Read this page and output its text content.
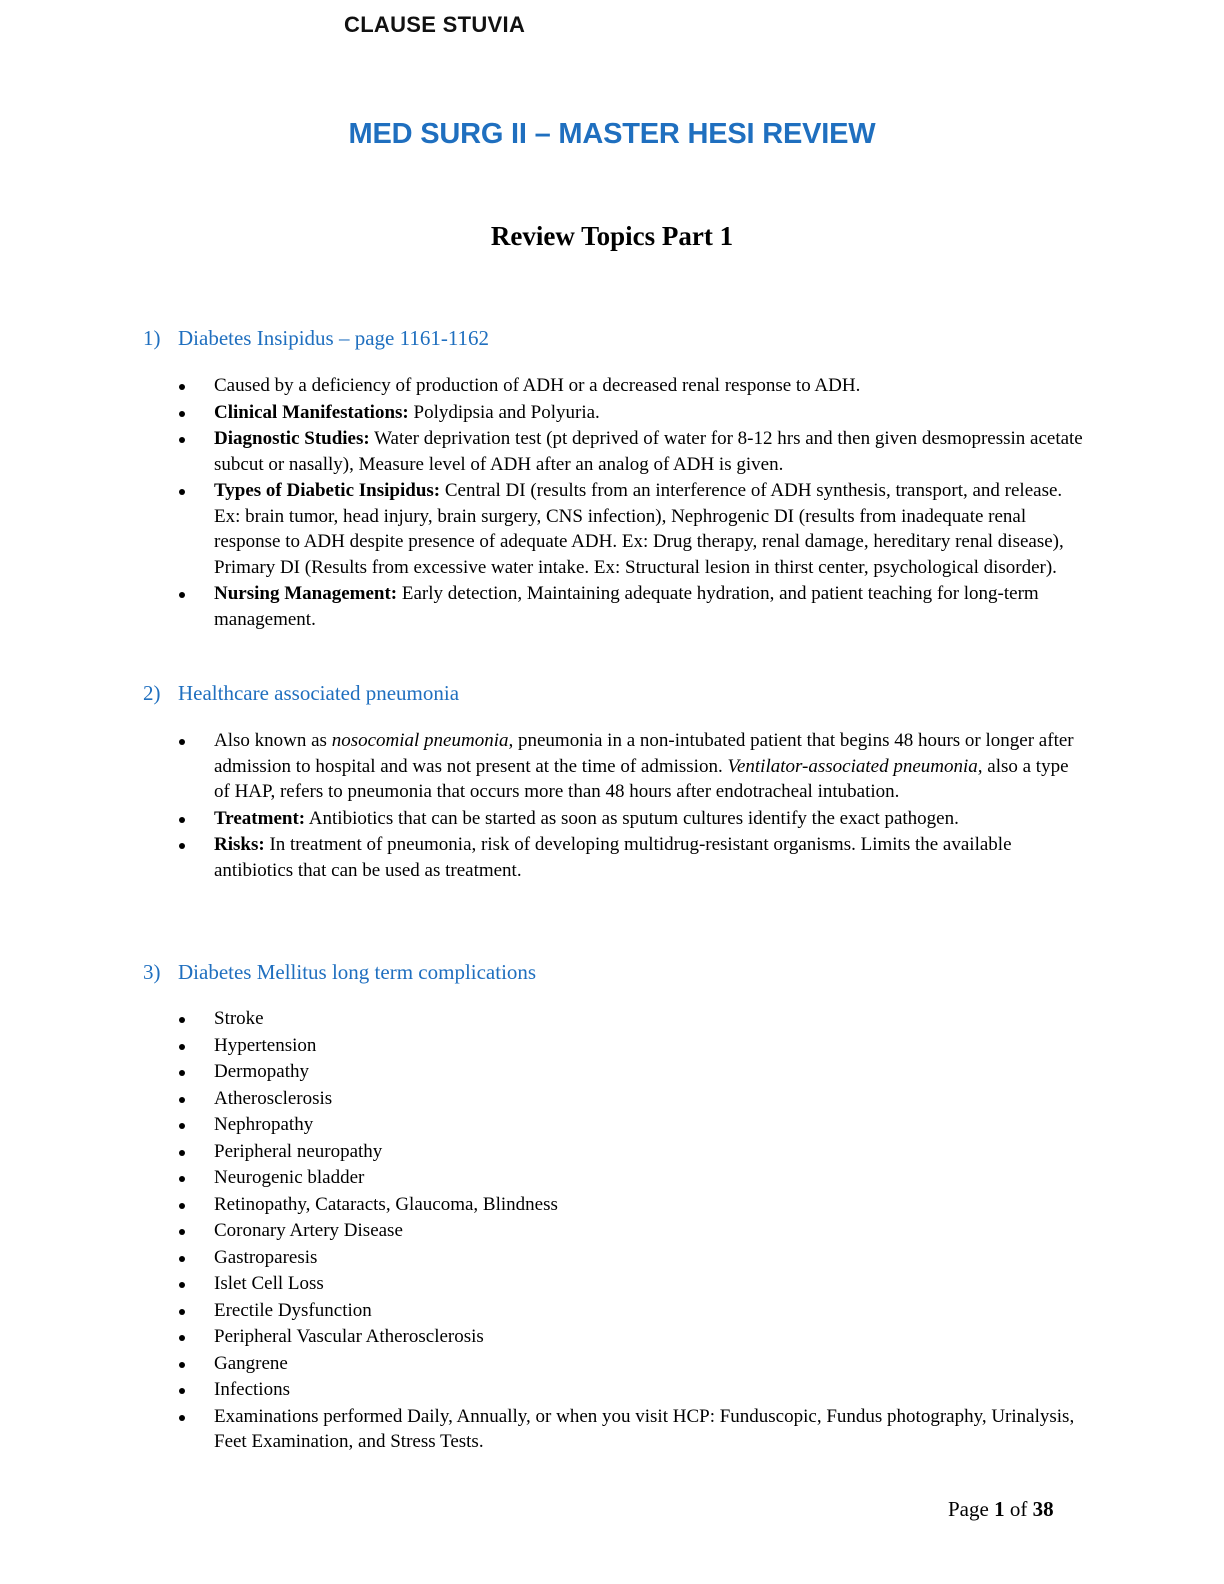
CLAUSE STUVIA

MED SURG II – MASTER HESI REVIEW
Review Topics Part 1
1) Diabetes Insipidus – page 1161-1162
Caused by a deficiency of production of ADH or a decreased renal response to ADH.
Clinical Manifestations: Polydipsia and Polyuria.
Diagnostic Studies: Water deprivation test (pt deprived of water for 8-12 hrs and then given desmopressin acetate subcut or nasally), Measure level of ADH after an analog of ADH is given.
Types of Diabetic Insipidus: Central DI (results from an interference of ADH synthesis, transport, and release. Ex: brain tumor, head injury, brain surgery, CNS infection), Nephrogenic DI (results from inadequate renal response to ADH despite presence of adequate ADH. Ex: Drug therapy, renal damage, hereditary renal disease), Primary DI (Results from excessive water intake. Ex: Structural lesion in thirst center, psychological disorder).
Nursing Management: Early detection, Maintaining adequate hydration, and patient teaching for long-term management.
2) Healthcare associated pneumonia
Also known as nosocomial pneumonia, pneumonia in a non-intubated patient that begins 48 hours or longer after admission to hospital and was not present at the time of admission. Ventilator-associated pneumonia, also a type of HAP, refers to pneumonia that occurs more than 48 hours after endotracheal intubation.
Treatment: Antibiotics that can be started as soon as sputum cultures identify the exact pathogen.
Risks: In treatment of pneumonia, risk of developing multidrug-resistant organisms. Limits the available antibiotics that can be used as treatment.
3) Diabetes Mellitus long term complications
Stroke
Hypertension
Dermopathy
Atherosclerosis
Nephropathy
Peripheral neuropathy
Neurogenic bladder
Retinopathy, Cataracts, Glaucoma, Blindness
Coronary Artery Disease
Gastroparesis
Islet Cell Loss
Erectile Dysfunction
Peripheral Vascular Atherosclerosis
Gangrene
Infections
Examinations performed Daily, Annually, or when you visit HCP: Funduscopic, Fundus photography, Urinalysis, Feet Examination, and Stress Tests.

Page 1 of 38
